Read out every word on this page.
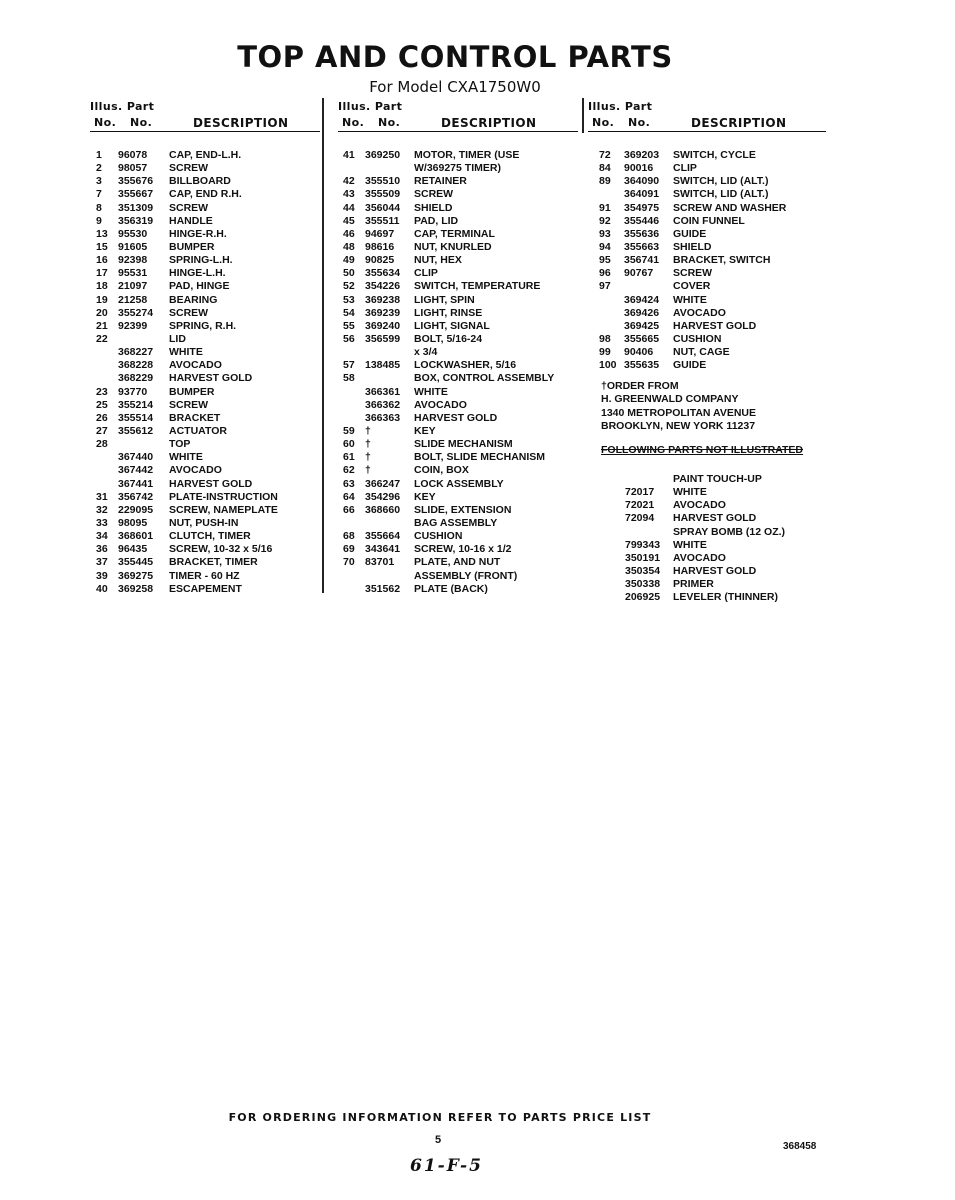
TOP AND CONTROL PARTS
For Model CXA1750W0
Illus. Part
No. No.	DESCRIPTION
1 96078 CAP, END-L.H.
2 98057 SCREW
3 355676 BILLBOARD
7 355667 CAP, END R.H.
8 351309 SCREW
9 356319 HANDLE
13 95530 HINGE-R.H.
15 91605 BUMPER
16 92398 SPRING-L.H.
17 95531 HINGE-L.H.
18 21097 PAD, HINGE
19 21258 BEARING
20 355274 SCREW
21 92399 SPRING, R.H.
22	LID
368227 WHITE
368228 AVOCADO
368229 HARVEST GOLD
23 93770 BUMPER
25 355214 SCREW
26 355514 BRACKET
27 355612 ACTUATOR
28	TOP
367440 WHITE
367442 AVOCADO
367441 HARVEST GOLD
31 356742 PLATE-INSTRUCTION
32 229095 SCREW, NAMEPLATE
33 98095 NUT, PUSH-IN
34 368601 CLUTCH, TIMER
36 96435 SCREW, 10-32 x 5/16
37 355445 BRACKET, TIMER
39 369275 TIMER - 60 HZ
40 369258 ESCAPEMENT
Illus. Part
No. No.	DESCRIPTION
41 369250 MOTOR, TIMER (USE
W/369275 TIMER)
42 355510 RETAINER
43 355509 SCREW
44 356044 SHIELD
45 355511 PAD, LID
46 94697 CAP, TERMINAL
48 98616 NUT, KNURLED
49 90825 NUT, HEX
50 355634 CLIP
52 354226 SWITCH, TEMPERATURE
53 369238 LIGHT, SPIN
54 369239 LIGHT, RINSE
55 369240 LIGHT, SIGNAL
56 356599 BOLT, 5/16-24
x 3/4
57 138485 LOCKWASHER, 5/16
58	BOX, CONTROL ASSEMBLY
366361 WHITE
366362 AVOCADO
366363 HARVEST GOLD
59 †	KEY
60 †	SLIDE MECHANISM
61 †	BOLT, SLIDE MECHANISM
62 †	COIN, BOX
63 366247 LOCK ASSEMBLY
64 354296 KEY
66 368660 SLIDE, EXTENSION
BAG ASSEMBLY
68 355664 CUSHION
69 343641 SCREW, 10-16 x 1/2
70 83701 PLATE, AND NUT
ASSEMBLY (FRONT)
351562 PLATE (BACK)
Illus. Part
No. No.	DESCRIPTION
72 369203 SWITCH, CYCLE
84 90016 CLIP
89 364090 SWITCH, LID (ALT.)
364091 SWITCH, LID (ALT.)
91 354975 SCREW AND WASHER
92 355446 COIN FUNNEL
93 355636 GUIDE
94 355663 SHIELD
95 356741 BRACKET, SWITCH
96 90767 SCREW
97	COVER
369424 WHITE
369426 AVOCADO
369425 HARVEST GOLD
98 355665 CUSHION
99 90406 NUT, CAGE
100 355635 GUIDE
†ORDER FROM
H. GREENWALD COMPANY
1340 METROPOLITAN AVENUE
BROOKLYN, NEW YORK 11237
FOLLOWING PARTS NOT ILLUSTRATED
PAINT TOUCH-UP
72017 WHITE
72021 AVOCADO
72094 HARVEST GOLD
SPRAY BOMB (12 OZ.)
799343 WHITE
350191 AVOCADO
350354 HARVEST GOLD
350338 PRIMER
206925 LEVELER (THINNER)
FOR ORDERING INFORMATION REFER TO PARTS PRICE LIST
5
368458
61-F-5
